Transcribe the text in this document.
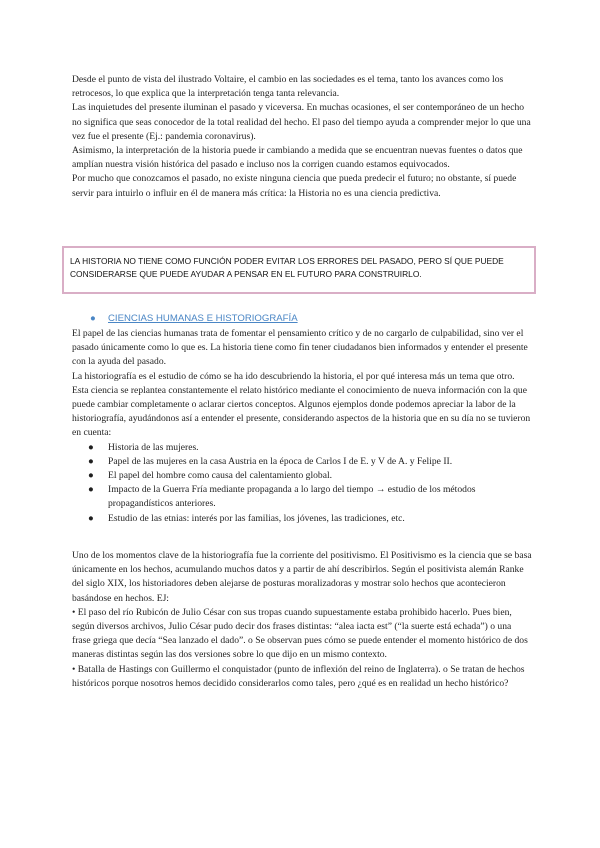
Desde el punto de vista del ilustrado Voltaire, el cambio en las sociedades es el tema, tanto los avances como los retrocesos, lo que explica que la interpretación tenga tanta relevancia.

Las inquietudes del presente iluminan el pasado y viceversa. En muchas ocasiones, el ser contemporáneo de un hecho no significa que seas conocedor de la total realidad del hecho. El paso del tiempo ayuda a comprender mejor lo que una vez fue el presente (Ej.: pandemia coronavirus).

Asimismo, la interpretación de la historia puede ir cambiando a medida que se encuentran nuevas fuentes o datos que amplían nuestra visión histórica del pasado e incluso nos la corrigen cuando estamos equivocados.

Por mucho que conozcamos el pasado, no existe ninguna ciencia que pueda predecir el futuro; no obstante, sí puede servir para intuirlo o influir en él de manera más crítica: la Historia no es una ciencia predictiva.

LA HISTORIA NO TIENE COMO FUNCIÓN PODER EVITAR LOS ERRORES DEL PASADO, PERO SÍ QUE PUEDE CONSIDERARSE QUE PUEDE AYUDAR A PENSAR EN EL FUTURO PARA CONSTRUIRLO.
● CIENCIAS HUMANAS E HISTORIOGRAFÍA

El papel de las ciencias humanas trata de fomentar el pensamiento crítico y de no cargarlo de culpabilidad, sino ver el pasado únicamente como lo que es. La historia tiene como fin tener ciudadanos bien informados y entender el presente con la ayuda del pasado.

La historiografía es el estudio de cómo se ha ido descubriendo la historia, el por qué interesa más un tema que otro. Esta ciencia se replantea constantemente el relato histórico mediante el conocimiento de nueva información con la que puede cambiar completamente o aclarar ciertos conceptos. Algunos ejemplos donde podemos apreciar la labor de la historiografía, ayudándonos así a entender el presente, considerando aspectos de la historia que en su día no se tuvieron en cuenta:

● Historia de las mujeres.
● Papel de las mujeres en la casa Austria en la época de Carlos I de E. y V de A. y Felipe II.
● El papel del hombre como causa del calentamiento global.
● Impacto de la Guerra Fría mediante propaganda a lo largo del tiempo → estudio de los métodos propagandísticos anteriores.
● Estudio de las etnias: interés por las familias, los jóvenes, las tradiciones, etc.

Uno de los momentos clave de la historiografía fue la corriente del positivismo. El Positivismo es la ciencia que se basa únicamente en los hechos, acumulando muchos datos y a partir de ahí describirlos. Según el positivista alemán Ranke del siglo XIX, los historiadores deben alejarse de posturas moralizadoras y mostrar solo hechos que acontecieron basándose en hechos. EJ:

• El paso del río Rubicón de Julio César con sus tropas cuando supuestamente estaba prohibido hacerlo. Pues bien, según diversos archivos, Julio César pudo decir dos frases distintas: “alea iacta est” (“la suerte está echada”) o una frase griega que decía “Sea lanzado el dado”. o Se observan pues cómo se puede entender el momento histórico de dos maneras distintas según las dos versiones sobre lo que dijo en un mismo contexto.

• Batalla de Hastings con Guillermo el conquistador (punto de inflexión del reino de Inglaterra). o Se tratan de hechos históricos porque nosotros hemos decidido considerarlos como tales, pero ¿qué es en realidad un hecho histórico?
